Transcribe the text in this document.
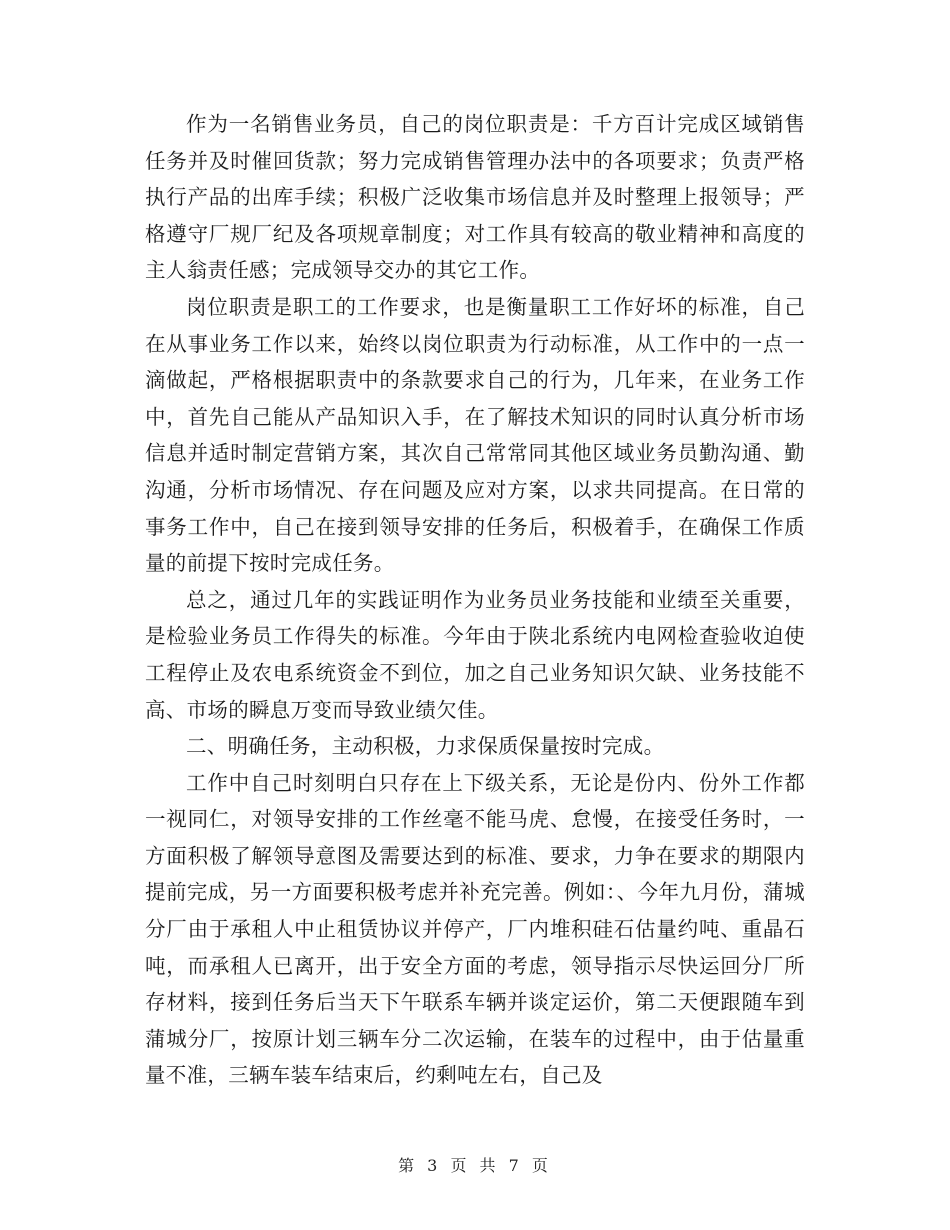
作为一名销售业务员，自己的岗位职责是：千方百计完成区域销售任务并及时催回货款；努力完成销售管理办法中的各项要求；负责严格执行产品的出库手续；积极广泛收集市场信息并及时整理上报领导；严格遵守厂规厂纪及各项规章制度；对工作具有较高的敬业精神和高度的主人翁责任感；完成领导交办的其它工作。

岗位职责是职工的工作要求，也是衡量职工工作好坏的标准，自己在从事业务工作以来，始终以岗位职责为行动标准，从工作中的一点一滴做起，严格根据职责中的条款要求自己的行为，几年来，在业务工作中，首先自己能从产品知识入手，在了解技术知识的同时认真分析市场信息并适时制定营销方案，其次自己常常同其他区域业务员勤沟通、勤沟通，分析市场情况、存在问题及应对方案，以求共同提高。在日常的事务工作中，自己在接到领导安排的任务后，积极着手，在确保工作质量的前提下按时完成任务。

总之，通过几年的实践证明作为业务员业务技能和业绩至关重要，是检验业务员工作得失的标准。今年由于陕北系统内电网检查验收迫使工程停止及农电系统资金不到位，加之自己业务知识欠缺、业务技能不高、市场的瞬息万变而导致业绩欠佳。

二、明确任务，主动积极，力求保质保量按时完成。

工作中自己时刻明白只存在上下级关系，无论是份内、份外工作都一视同仁，对领导安排的工作丝毫不能马虎、怠慢，在接受任务时，一方面积极了解领导意图及需要达到的标准、要求，力争在要求的期限内提前完成，另一方面要积极考虑并补充完善。例如：、今年九月份，蒲城分厂由于承租人中止租赁协议并停产，厂内堆积硅石估量约吨、重晶石吨，而承租人已离开，出于安全方面的考虑，领导指示尽快运回分厂所存材料，接到任务后当天下午联系车辆并谈定运价，第二天便跟随车到蒲城分厂，按原计划三辆车分二次运输，在装车的过程中，由于估量重量不准，三辆车装车结束后，约剩吨左右，自己及

第 3 页 共 7 页
